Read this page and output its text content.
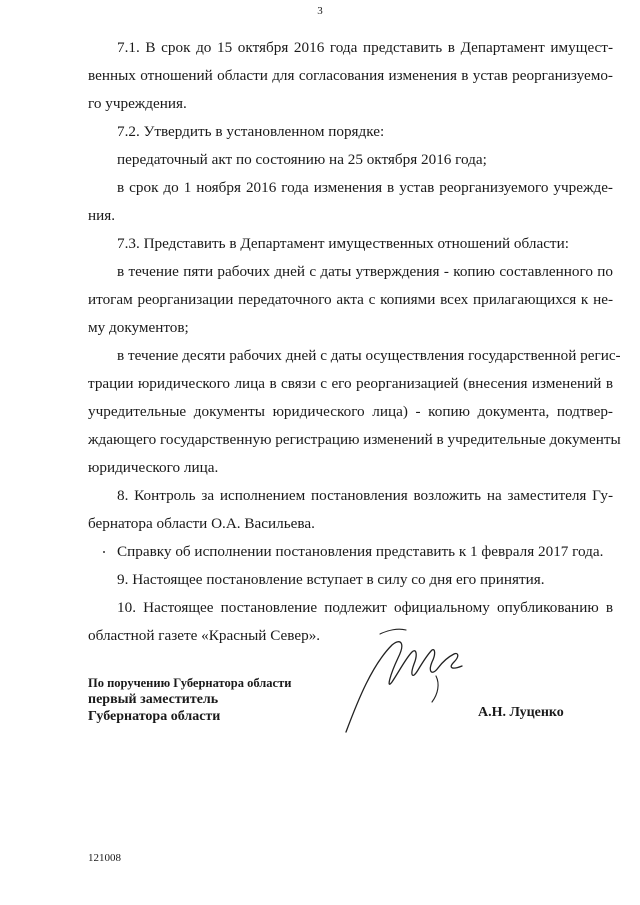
3
7.1. В срок до 15 октября 2016 года представить в Департамент имущест-
венных отношений области для согласования изменения в устав реорганизуемо-
го учреждения.
7.2. Утвердить в установленном порядке:
передаточный акт по состоянию на 25 октября 2016 года;
в срок до 1 ноября 2016 года изменения в устав реорганизуемого учрежде-
ния.
7.3. Представить в Департамент имущественных отношений области:
в течение пяти рабочих дней с даты утверждения - копию составленного по
итогам реорганизации передаточного акта с копиями всех прилагающихся к не-
му документов;
в течение десяти рабочих дней с даты осуществления государственной регис-
трации юридического лица в связи с его реорганизацией (внесения изменений в
учредительные документы юридического лица) - копию документа, подтвер-
ждающего государственную регистрацию изменений в учредительные документы
юридического лица.
8. Контроль за исполнением постановления возложить на заместителя Гу-
бернатора области О.А. Васильева.
Справку об исполнении постановления представить к 1 февраля 2017 года.
9. Настоящее постановление вступает в силу со дня его принятия.
10. Настоящее постановление подлежит официальному опубликованию в
областной газете «Красный Север».
По поручению Губернатора области
первый заместитель
Губернатора области	А.Н. Луценко
121008
